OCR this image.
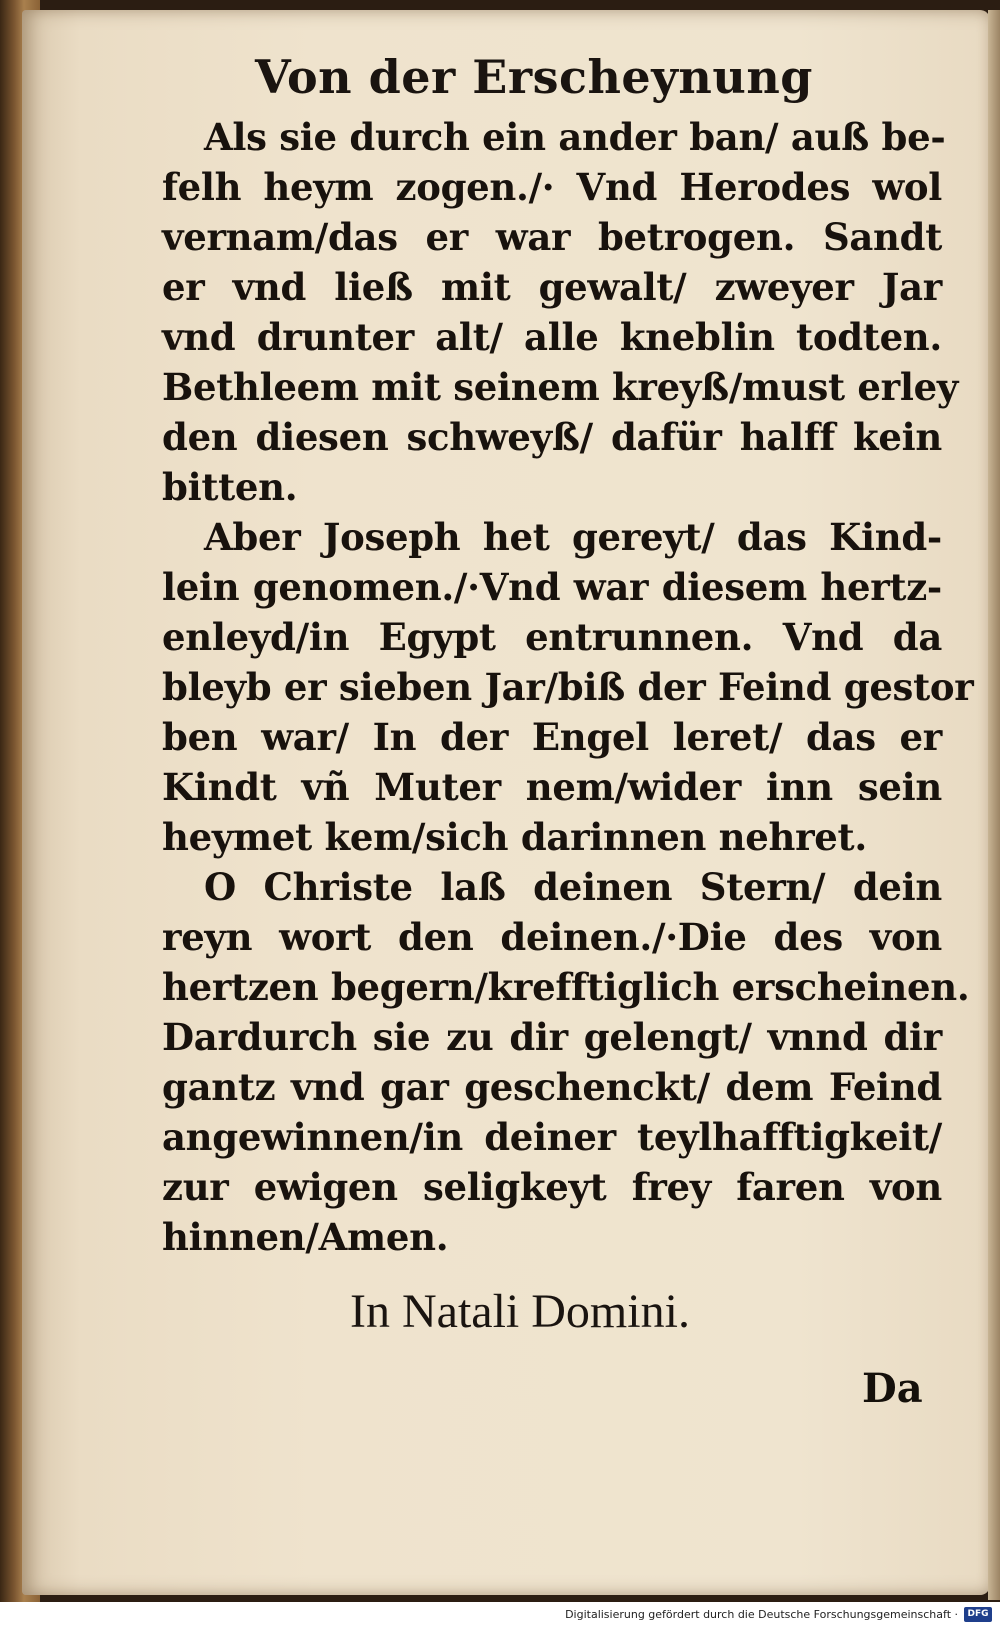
Von der Erscheynung
Als sie durch ein ander ban/ auß be-
felh heym zogen./· Vnd Herodes wol
vernam/das er war betrogen. Sandt
er vnd ließ mit gewalt/ zweyer Jar
vnd drunter alt/ alle kneblin todten.
Bethleem mit seinem kreyß/must erley
den diesen schweyß/ dafür halff kein
bitten.
Aber Joseph het gereyt/ das Kind-
lein genomen./·Vnd war diesem hertz-
enleyd/in Egypt entrunnen. Vnd da
bleyb er sieben Jar/biß der Feind gestor
ben war/ In der Engel leret/ das er
Kindt vñ Muter nem/wider inn sein
heymet kem/sich darinnen nehret.
O Christe laß deinen Stern/ dein
reyn wort den deinen./·Die des von
hertzen begern/krefftiglich erscheinen.
Dardurch sie zu dir gelengt/ vnnd dir
gantz vnd gar geschenckt/ dem Feind
angewinnen/in deiner teylhafftigkeit/
zur ewigen seligkeyt frey faren von
hinnen/Amen.
In Natali Domini.
Da
Digitalisierung gefördert durch die Deutsche Forschungsgemeinschaft ·	DFG
